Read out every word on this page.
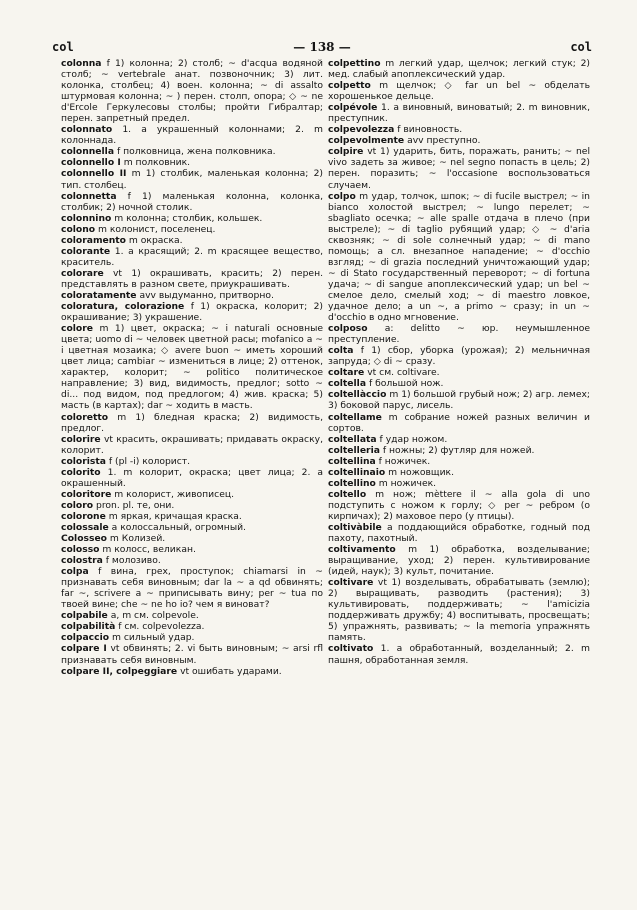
col	— 138 —	col

colonna f 1) колонна; 2) столб; ~ d'acqua водяной столб; ~ vertebrale анат. позвоночник; 3) лит. колонка, столбец; 4) воен. колонна; ~ di assalto штурмовая колонна; ~ ) перен. столп, опора; ◇ ~ ne d'Ercole Геркулесовы столбы; пройти Гибралтар; перен. запретный предел.

colonnato 1. a украшенный колоннами; 2. m колоннада.

colonnella f полковница, жена полковника.

colonnello I m полковник.

colonnello II m 1) столбик, маленькая колонна; 2) тип. столбец.

colonnetta f 1) маленькая колонна, колонка, столбик; 2) ночной столик.

colonnino m колонна; столбик, кольшек.

colono m колонист, поселенец.

coloramento m окраска.

colorante 1. a красящий; 2. m красящее вещество, краситель.

colorare vt 1) окрашивать, красить; 2) перен. представлять в разном свете, приукрашивать.

coloratamente avv выдуманно, притворно.

coloratura, colorazione f 1) окраска, колорит; 2) окрашивание; 3) украшение.

colore m 1) цвет, окраска; ~ i naturali основные цвета; uomo di ~ человек цветной расы; mofanico a ~ i цветная мозаика; ◇ avere buon ~ иметь хороший цвет лица; cambiar ~ измениться в лице; 2) оттенок, характер, колорит; ~ politico политическое направление; 3) вид, видимость, предлог; sotto ~ di... под видом, под предлогом; 4) жив. краска; 5) масть (в картах); dar ~ ходить в масть.

coloretto m 1) бледная краска; 2) видимость, предлог.

colorire vt красить, окрашивать; придавать окраску, колорит.

colorista f (pl -i) колорист.

colorito 1. m колорит, окраска; цвет лица; 2. a окрашенный.

coloritore m колорист, живописец.

coloro pron. pl. те, они.

colorone m яркая, кричащая краска.

colossale a колоссальный, огромный.

Colosseo m Колизей.

colosso m колосс, великан.

colostra f молозиво.

colpa f вина, грех, проступок; chiamarsi in ~ признавать себя виновным; dar la ~ a qd обвинять; far ~, scrivere a ~ приписывать вину; per ~ tua по твоей вине; che ~ ne ho io? чем я виноват?

colpabile a, m см. colpevole.

colpabilità f см. colpevolezza.

colpaccio m сильный удар.

colpare I vt обвинять; 2. vi быть виновным; ~ arsi rfl признавать себя виновным.

colpare II, colpeggiare vt ошибать ударами.

colpettino m легкий удар, щелчок; легкий стук; 2) мед. слабый апоплексический удар.

colpetto m щелчок; ◇ far un bel ~ обделать хорошенькое дельце.

colpévole 1. a виновный, виноватый; 2. m виновник, преступник.

colpevolezza f виновность.

colpevolmente avv преступно.

colpire vt 1) ударить, бить, поражать, ранить; ~ nel vivo задеть за живое; ~ nel segno попасть в цель; 2) перен. поразить; ~ l'occasione воспользоваться случаем.

colpo m удар, толчок, шпок; ~ di fucile выстрел; ~ in bianco холостой выстрел; ~ lungo перелет; ~ sbagliato осечка; ~ alle spalle отдача в плечо (при выстреле); ~ di taglio рубящий удар; ◇ ~ d'aria сквозняк; ~ di sole солнечный удар; ~ di mano помощь; а сл. внезапное нападение; ~ d'occhio взгляд; ~ di grazia последний уничтожающий удар; ~ di Stato государственный переворот; ~ di fortuna удача; ~ di sangue апоплексический удар; un bel ~ смелое дело, смелый ход; ~ di maestro ловкое, удачное дело; a un ~, a primo ~ сразу; in un ~ d'occhio в одно мгновение.

colposo a: delitto ~ юр. неумышленное преступление.

colta f 1) сбор, уборка (урожая); 2) мельничная запруда; ◇ di ~ сразу.

coltare vt см. coltivare.

coltella f большой нож.

coltellàccio m 1) большой грубый нож; 2) агр. лемех; 3) боковой парус, лисель.

coltellame m собрание ножей разных величин и сортов.

coltellata f удар ножом.

coltelleria f ножны; 2) футляр для ножей.

coltellina f ножичек.

coltellinaio m ножовщик.

coltellino m ножичек.

coltello m нож; mèttere il ~ alla gola di uno подступить с ножом к горлу; ◇ per ~ ребром (о кирпичах); 2) маховое перо (у птицы).

coltivàbile a поддающийся обработке, годный под пахоту, пахотный.

coltivamento m 1) обработка, возделывание; выращивание, уход; 2) перен. культивирование (идей, наук); 3) культ, почитание.

coltivare vt 1) возделывать, обрабатывать (землю); 2) выращивать, разводить (растения); 3) культивировать, поддерживать; ~ l'amicizia поддерживать дружбу; 4) воспитывать, просвещать; 5) упражнять, развивать; ~ la memoria упражнять память.

coltivato 1. a обработанный, возделанный; 2. m пашня, обработанная земля.
